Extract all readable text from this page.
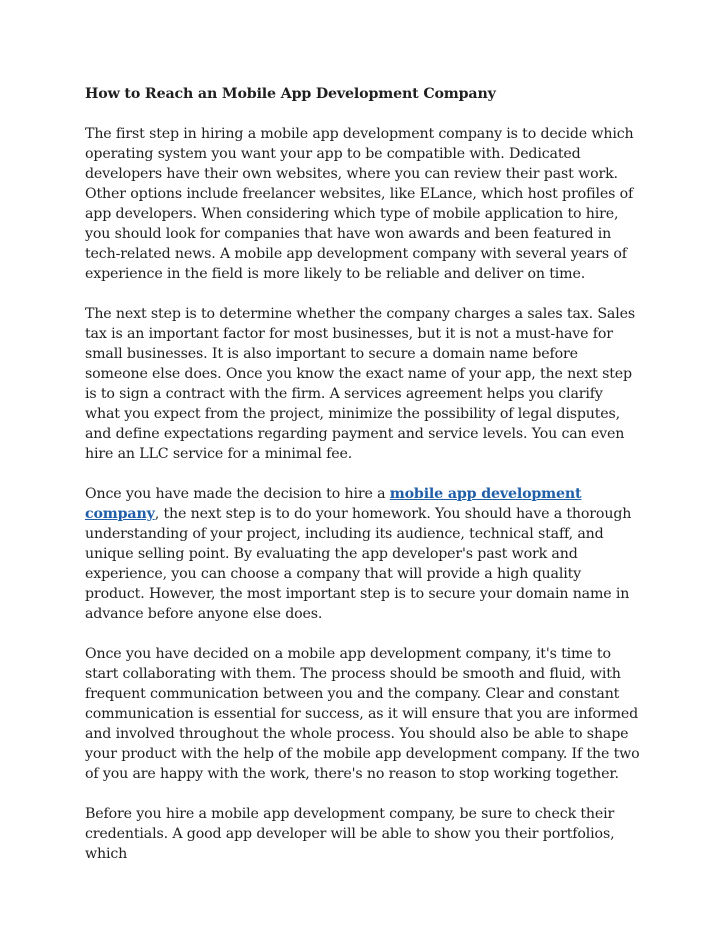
How to Reach an Mobile App Development Company

The first step in hiring a mobile app development company is to decide which operating system you want your app to be compatible with. Dedicated developers have their own websites, where you can review their past work. Other options include freelancer websites, like ELance, which host profiles of app developers. When considering which type of mobile application to hire, you should look for companies that have won awards and been featured in tech-related news. A mobile app development company with several years of experience in the field is more likely to be reliable and deliver on time.

The next step is to determine whether the company charges a sales tax. Sales tax is an important factor for most businesses, but it is not a must-have for small businesses. It is also important to secure a domain name before someone else does. Once you know the exact name of your app, the next step is to sign a contract with the firm. A services agreement helps you clarify what you expect from the project, minimize the possibility of legal disputes, and define expectations regarding payment and service levels. You can even hire an LLC service for a minimal fee.

Once you have made the decision to hire a mobile app development company, the next step is to do your homework. You should have a thorough understanding of your project, including its audience, technical staff, and unique selling point. By evaluating the app developer's past work and experience, you can choose a company that will provide a high quality product. However, the most important step is to secure your domain name in advance before anyone else does.

Once you have decided on a mobile app development company, it's time to start collaborating with them. The process should be smooth and fluid, with frequent communication between you and the company. Clear and constant communication is essential for success, as it will ensure that you are informed and involved throughout the whole process. You should also be able to shape your product with the help of the mobile app development company. If the two of you are happy with the work, there's no reason to stop working together.

Before you hire a mobile app development company, be sure to check their credentials. A good app developer will be able to show you their portfolios, which
